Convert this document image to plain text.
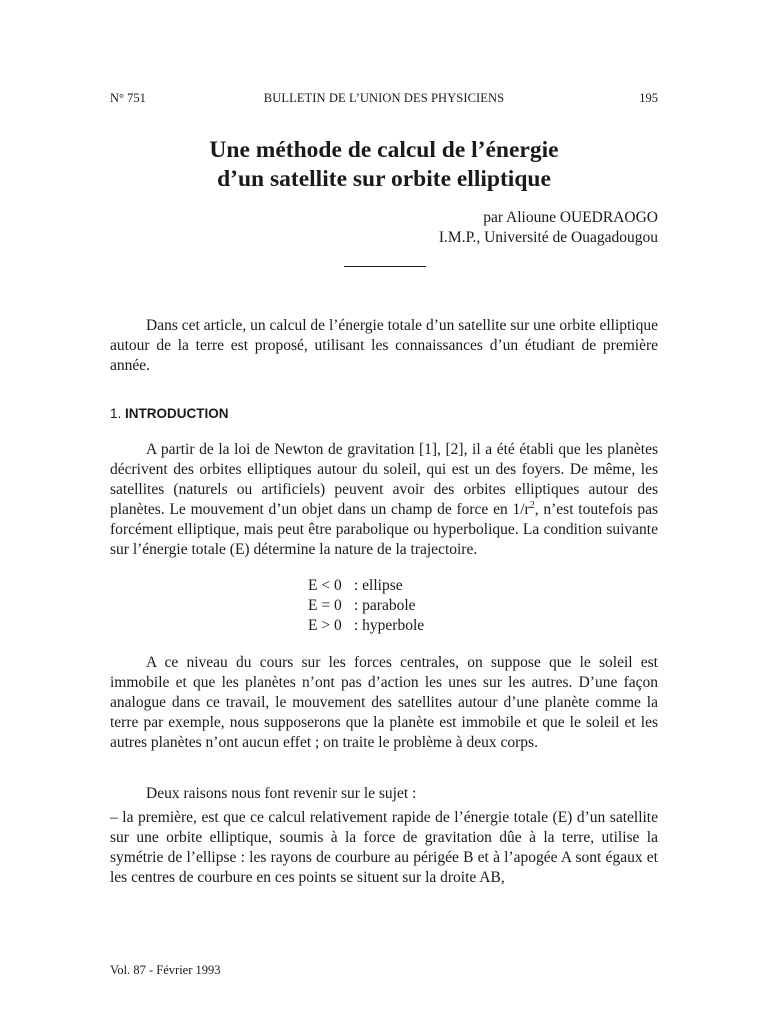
N° 751	BULLETIN DE L’UNION DES PHYSICIENS	195
Une méthode de calcul de l’énergie
d’un satellite sur orbite elliptique
par Alioune OUEDRAOGO
I.M.P., Université de Ouagadougou

Dans cet article, un calcul de l’énergie totale d’un satellite sur une orbite elliptique autour de la terre est proposé, utilisant les connaissances d’un étudiant de première année.

1. INTRODUCTION

A partir de la loi de Newton de gravitation [1], [2], il a été établi que les planètes décrivent des orbites elliptiques autour du soleil, qui est un des foyers. De même, les satellites (naturels ou artificiels) peuvent avoir des orbites elliptiques autour des planètes. Le mouvement d’un objet dans un champ de force en $1/r^2$, n’est toutefois pas forcément elliptique, mais peut être parabolique ou hyperbolique. La condition suivante sur l’énergie totale (E) détermine la nature de la trajectoire.

E < 0 : ellipse
E = 0 : parabole
E > 0 : hyperbole

A ce niveau du cours sur les forces centrales, on suppose que le soleil est immobile et que les planètes n’ont pas d’action les unes sur les autres. D’une façon analogue dans ce travail, le mouvement des satellites autour d’une planète comme la terre par exemple, nous supposerons que la planète est immobile et que le soleil et les autres planètes n’ont aucun effet ; on traite le problème à deux corps.

Deux raisons nous font revenir sur le sujet :

– la première, est que ce calcul relativement rapide de l’énergie totale (E) d’un satellite sur une orbite elliptique, soumis à la force de gravitation dûe à la terre, utilise la symétrie de l’ellipse : les rayons de courbure au périgée B et à l’apogée A sont égaux et les centres de courbure en ces points se situent sur la droite AB,

Vol. 87 - Février 1993
